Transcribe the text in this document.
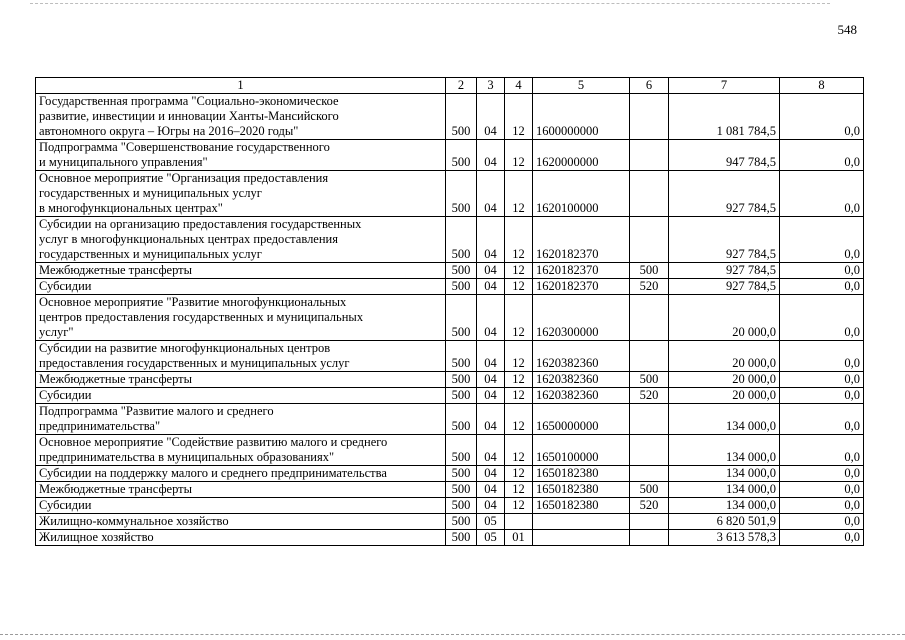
548
1	2	3	4	5	6	7	8

Государственная программа "Социально-экономическое
развитие, инвестиции и инновации Ханты-Мансийского
автономного округа – Югры на 2016–2020 годы"	500	04	12	1600000000		1 081 784,5	0,0

Подпрограмма "Совершенствование государственного
и муниципального управления"	500	04	12	1620000000		947 784,5	0,0

Основное мероприятие "Организация предоставления
государственных и муниципальных услуг
в многофункциональных центрах"	500	04	12	1620100000		927 784,5	0,0

Субсидии на организацию предоставления государственных
услуг в многофункциональных центрах предоставления
государственных и муниципальных услуг	500	04	12	1620182370		927 784,5	0,0

Межбюджетные трансферты	500	04	12	1620182370	500	927 784,5	0,0

Субсидии	500	04	12	1620182370	520	927 784,5	0,0

Основное мероприятие "Развитие многофункциональных
центров предоставления государственных и муниципальных
услуг"	500	04	12	1620300000		20 000,0	0,0

Субсидии на развитие многофункциональных центров
предоставления государственных и муниципальных услуг	500	04	12	1620382360		20 000,0	0,0

Межбюджетные трансферты	500	04	12	1620382360	500	20 000,0	0,0

Субсидии	500	04	12	1620382360	520	20 000,0	0,0

Подпрограмма "Развитие малого и среднего
предпринимательства"	500	04	12	1650000000		134 000,0	0,0

Основное мероприятие "Содействие развитию малого и среднего
предпринимательства в муниципальных образованиях"	500	04	12	1650100000		134 000,0	0,0

Субсидии на поддержку малого и среднего предпринимательства	500	04	12	1650182380		134 000,0	0,0

Межбюджетные трансферты	500	04	12	1650182380	500	134 000,0	0,0

Субсидии	500	04	12	1650182380	520	134 000,0	0,0

Жилищно-коммунальное хозяйство	500	05				6 820 501,9	0,0

Жилищное хозяйство	500	05	01			3 613 578,3	0,0
